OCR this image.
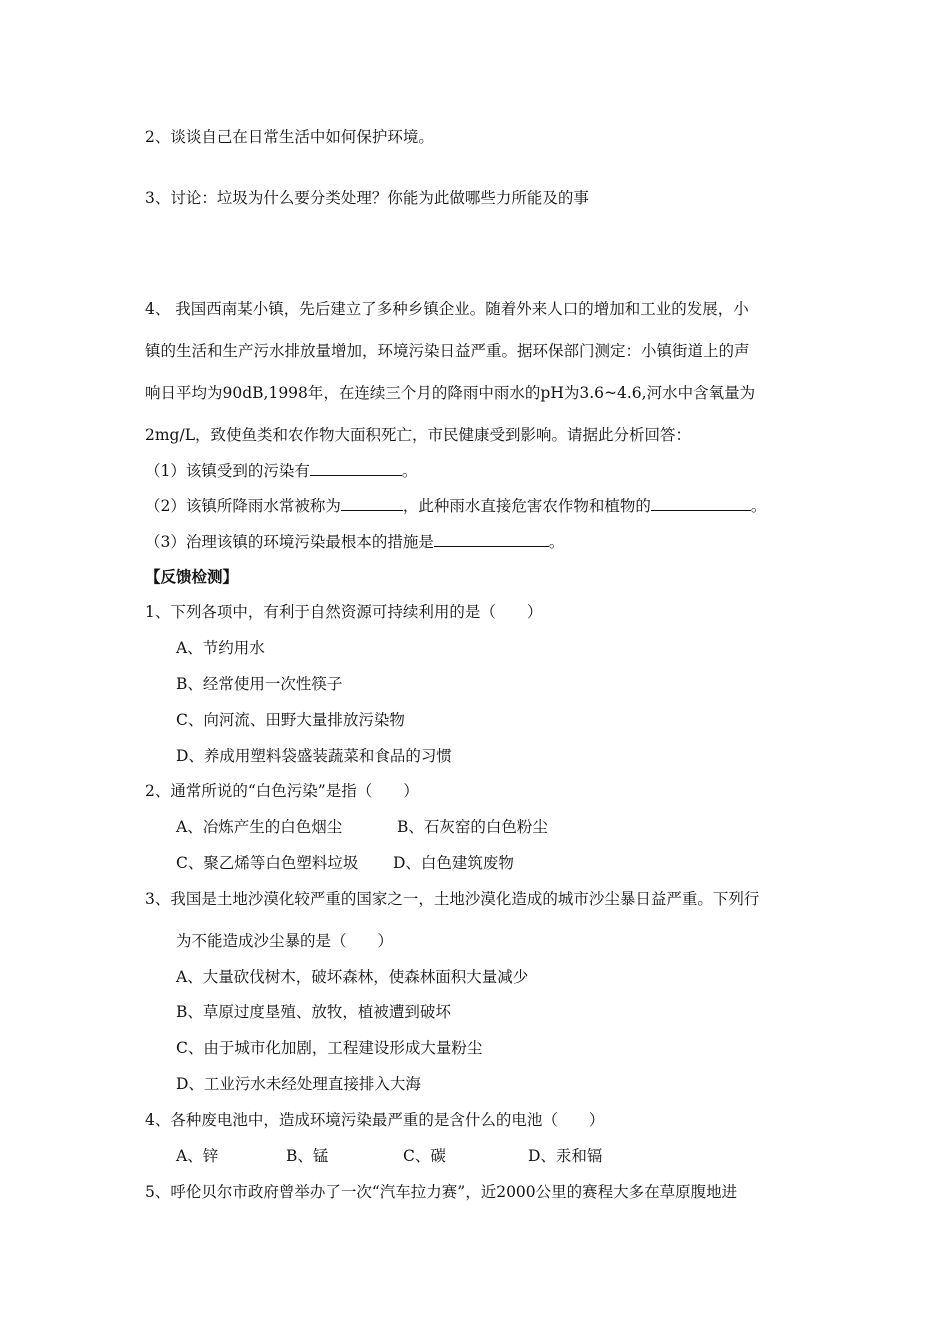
2、谈谈自己在日常生活中如何保护环境。
3、讨论：垃圾为什么要分类处理？你能为此做哪些力所能及的事
4、 我国西南某小镇，先后建立了多种乡镇企业。随着外来人口的增加和工业的发展，小
镇的生活和生产污水排放量增加，环境污染日益严重。据环保部门测定：小镇街道上的声
响日平均为90dB,1998年，在连续三个月的降雨中雨水的pH为3.6~4.6,河水中含氧量为
2mg/L，致使鱼类和农作物大面积死亡，市民健康受到影响。请据此分析回答：
（1）该镇受到的污染有	。
（2）该镇所降雨水常被称为	，此种雨水直接危害农作物和植物的	。
（3）治理该镇的环境污染最根本的措施是	。
【反馈检测】
1、下列各项中，有利于自然资源可持续利用的是（　　）
A、节约用水
B、经常使用一次性筷子
C、向河流、田野大量排放污染物
D、养成用塑料袋盛装蔬菜和食品的习惯
2、通常所说的“白色污染”是指（　　）
A、冶炼产生的白色烟尘	B、石灰窑的白色粉尘
C、聚乙烯等白色塑料垃圾 D、白色建筑废物
3、我国是土地沙漠化较严重的国家之一，土地沙漠化造成的城市沙尘暴日益严重。下列行
为不能造成沙尘暴的是（　　）
A、大量砍伐树木，破坏森林，使森林面积大量减少
B、草原过度垦殖、放牧，植被遭到破坏
C、由于城市化加剧，工程建设形成大量粉尘
D、工业污水未经处理直接排入大海
4、各种废电池中，造成环境污染最严重的是含什么的电池（　　）
A、锌	B、锰	C、碳	D、汞和镉
5、呼伦贝尔市政府曾举办了一次“汽车拉力赛”，近2000公里的赛程大多在草原腹地进
